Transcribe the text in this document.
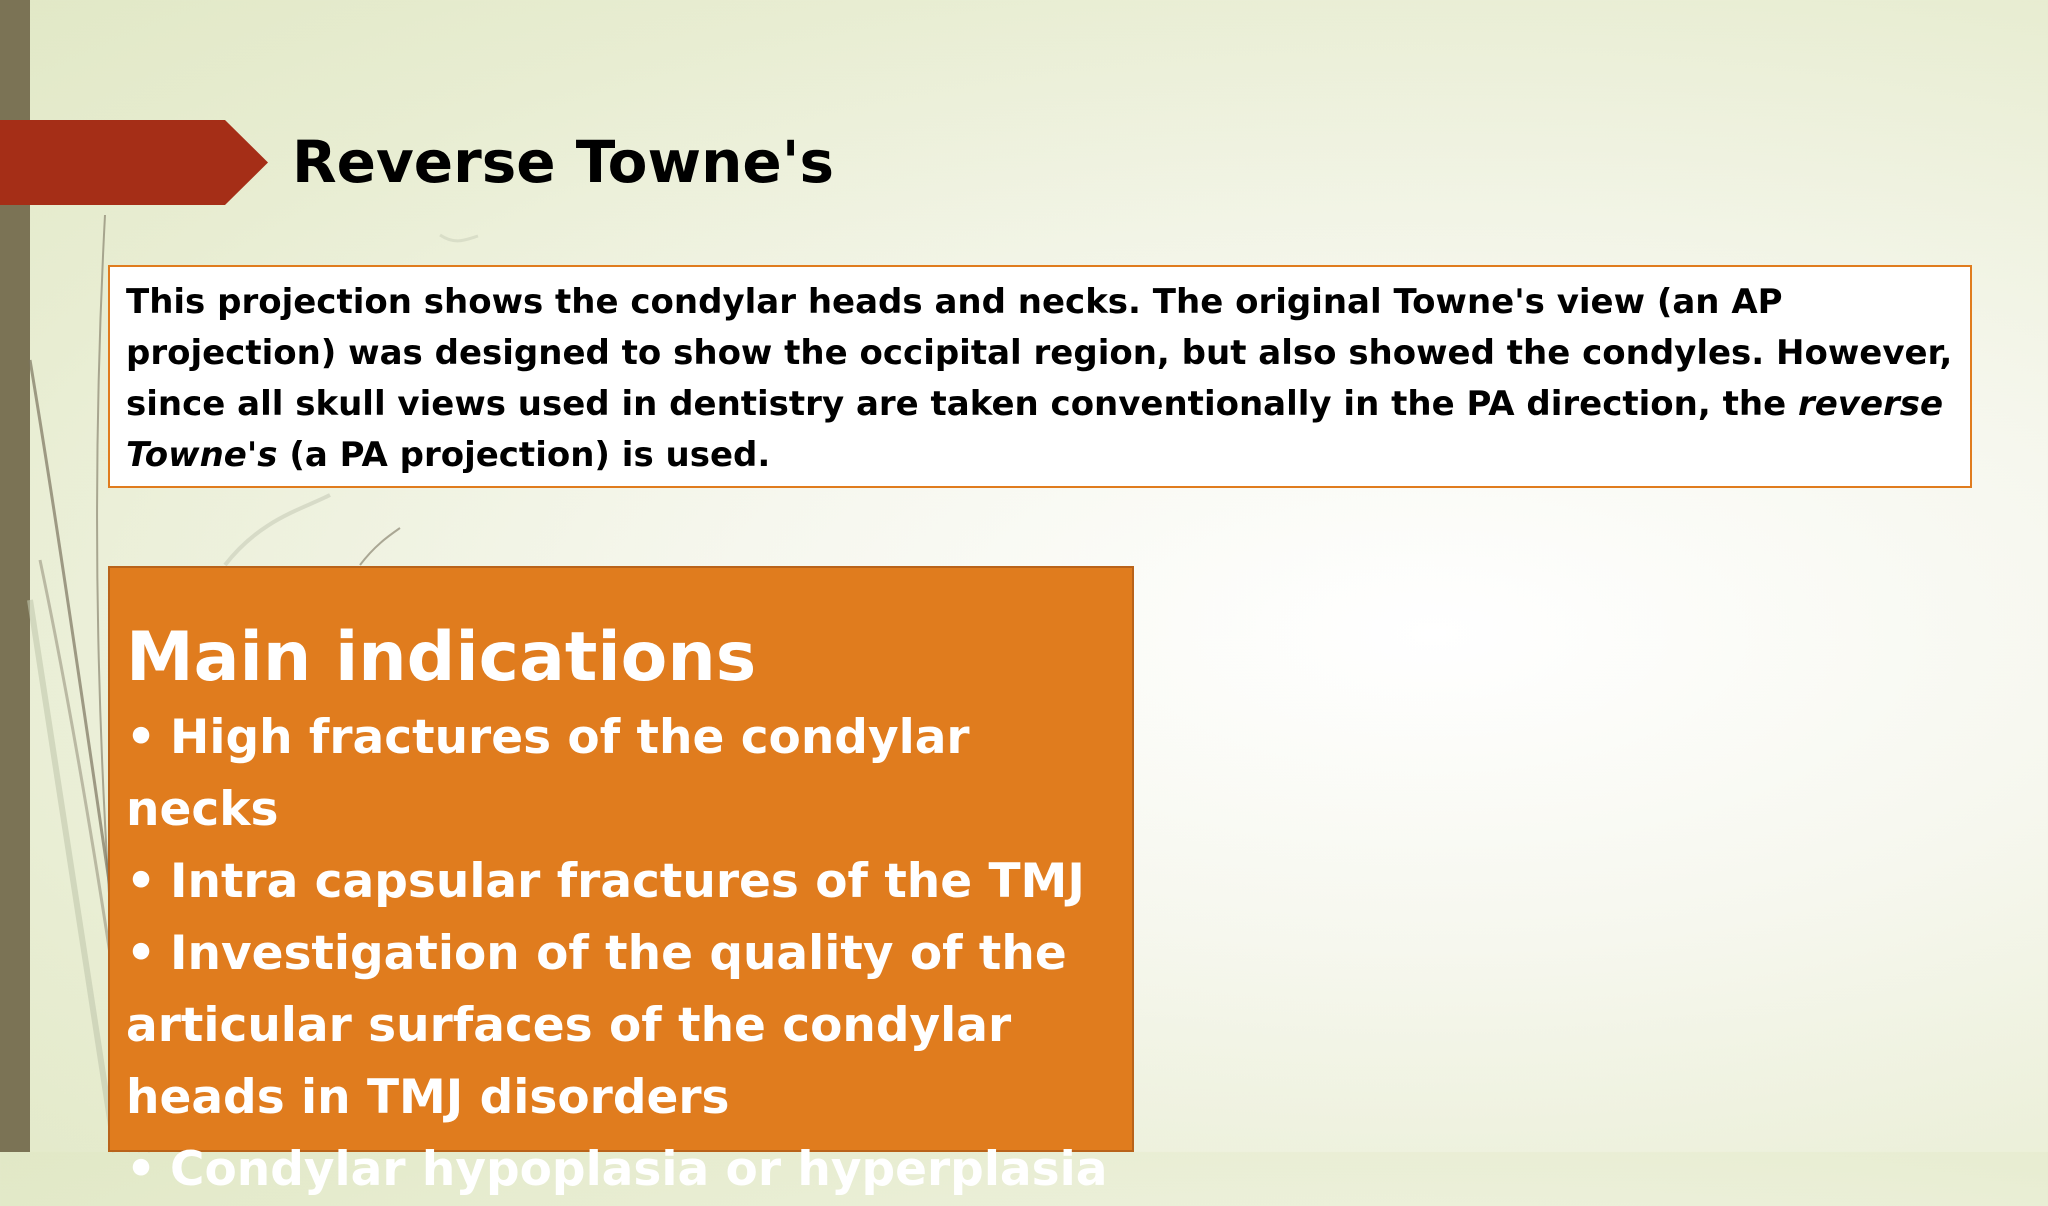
Reverse Towne's
This projection shows the condylar heads and necks. The original Towne's view (an AP projection) was designed to show the occipital region, but also showed the condyles. However, since all skull views used in dentistry are taken conventionally in the PA direction, the reverse Towne's (a PA projection) is used.
Main indications
• High fractures of the condylar necks
• Intra capsular fractures of the TMJ
• Investigation of the quality of the articular surfaces of the condylar heads in TMJ disorders
• Condylar hypoplasia or hyperplasia
